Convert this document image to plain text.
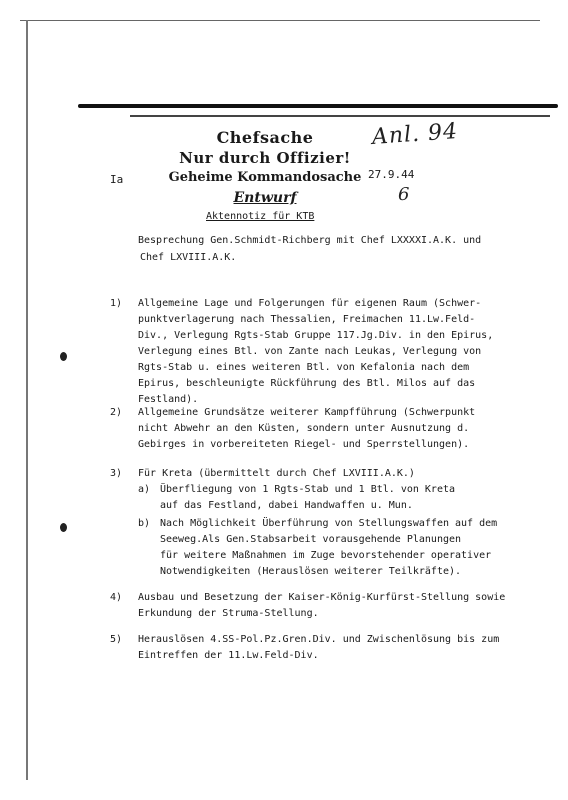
Anl. 94
6
Chefsache
Nur durch Offizier!
Geheime Kommandosache
Entwurf
Ia	27.9.44
Aktennotiz für KTB
Besprechung Gen.Schmidt-Richberg mit Chef LXXXXI.A.K. und
Chef LXVIII.A.K.
1)	Allgemeine Lage und Folgerungen für eigenen Raum (Schwer-
punktverlagerung nach Thessalien, Freimachen 11.Lw.Feld-
Div., Verlegung Rgts-Stab Gruppe 117.Jg.Div. in den Epirus,
Verlegung eines Btl. von Zante nach Leukas, Verlegung von
Rgts-Stab u. eines weiteren Btl. von Kefalonia nach dem
Epirus, beschleunigte Rückführung des Btl. Milos auf das
Festland).
2)	Allgemeine Grundsätze weiterer Kampfführung (Schwerpunkt
nicht Abwehr an den Küsten, sondern unter Ausnutzung d.
Gebirges in vorbereiteten Riegel- und Sperrstellungen).
3)	Für Kreta (übermittelt durch Chef LXVIII.A.K.)
a) Überfliegung von 1 Rgts-Stab und 1 Btl. von Kreta
auf das Festland, dabei Handwaffen u. Mun.
b) Nach Möglichkeit Überführung von Stellungswaffen auf dem
Seeweg.Als Gen.Stabsarbeit vorausgehende Planungen
für weitere Maßnahmen im Zuge bevorstehender operativer
Notwendigkeiten (Herauslösen weiterer Teilkräfte).
4)	Ausbau und Besetzung der Kaiser-König-Kurfürst-Stellung sowie
Erkundung der Struma-Stellung.
5)	Herauslösen 4.SS-Pol.Pz.Gren.Div. und Zwischenlösung bis zum
Eintreffen der 11.Lw.Feld-Div.
